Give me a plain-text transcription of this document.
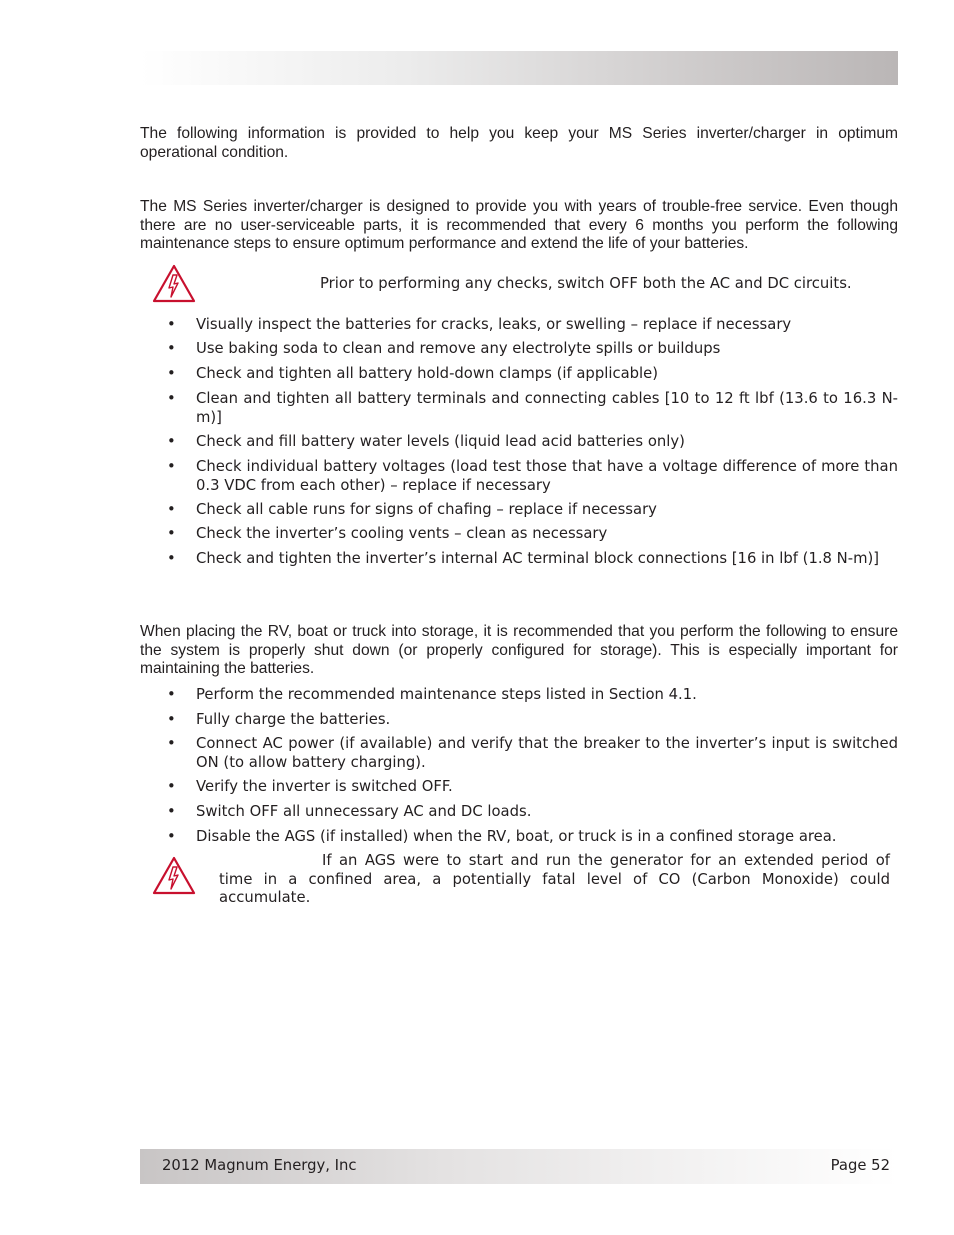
The following information is provided to help you keep your MS Series inverter/charger in optimum operational condition.

The MS Series inverter/charger is designed to provide you with years of trouble-free service. Even though there are no user-serviceable parts, it is recommended that every 6 months you perform the following maintenance steps to ensure optimum performance and extend the life of your batteries.

Prior to performing any checks, switch OFF both the AC and DC circuits.

• Visually inspect the batteries for cracks, leaks, or swelling – replace if necessary
• Use baking soda to clean and remove any electrolyte spills or buildups
• Check and tighten all battery hold-down clamps (if applicable)
• Clean and tighten all battery terminals and connecting cables [10 to 12 ft lbf (13.6 to 16.3 N-m)]
• Check and fill battery water levels (liquid lead acid batteries only)
• Check individual battery voltages (load test those that have a voltage difference of more than 0.3 VDC from each other) – replace if necessary
• Check all cable runs for signs of chafing – replace if necessary
• Check the inverter’s cooling vents – clean as necessary
• Check and tighten the inverter’s internal AC terminal block connections [16 in lbf (1.8 N-m)]

When placing the RV, boat or truck into storage, it is recommended that you perform the following to ensure the system is properly shut down (or properly configured for storage). This is especially important for maintaining the batteries.

• Perform the recommended maintenance steps listed in Section 4.1.
• Fully charge the batteries.
• Connect AC power (if available) and verify that the breaker to the inverter’s input is switched ON (to allow battery charging).
• Verify the inverter is switched OFF.
• Switch OFF all unnecessary AC and DC loads.
• Disable the AGS (if installed) when the RV, boat, or truck is in a confined storage area.

If an AGS were to start and run the generator for an extended period of time in a confined area, a potentially fatal level of CO (Carbon Monoxide) could accumulate.

2012 Magnum Energy, Inc	Page 52
